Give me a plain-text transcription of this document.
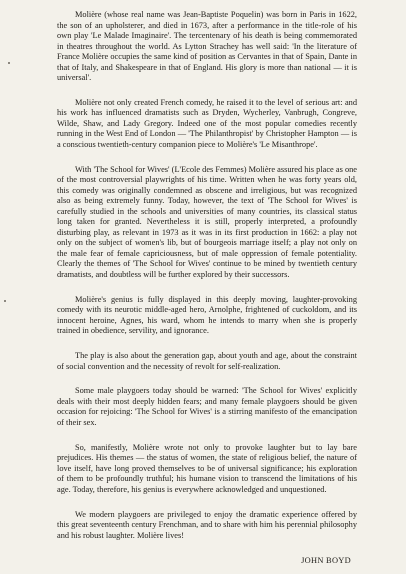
Molière (whose real name was Jean-Baptiste Poquelin) was born in Paris in 1622, the son of an upholsterer, and died in 1673, after a performance in the title-role of his own play 'Le Malade Imaginaire'. The tercentenary of his death is being commemorated in theatres throughout the world. As Lytton Strachey has well said: 'In the literature of France Molière occupies the same kind of position as Cervantes in that of Spain, Dante in that of Italy, and Shakespeare in that of England. His glory is more than national — it is universal'.

Molière not only created French comedy, he raised it to the level of serious art: and his work has influenced dramatists such as Dryden, Wycherley, Vanbrugh, Congreve, Wilde, Shaw, and Lady Gregory. Indeed one of the most popular comedies recently running in the West End of London — 'The Philanthropist' by Christopher Hampton — is a conscious twentieth-century companion piece to Molière's 'Le Misanthrope'.

With 'The School for Wives' (L'Ecole des Femmes) Molière assured his place as one of the most controversial playwrights of his time. Written when he was forty years old, this comedy was originally condemned as obscene and irreligious, but was recognized also as being extremely funny. Today, however, the text of 'The School for Wives' is carefully studied in the schools and universities of many countries, its classical status long taken for granted. Nevertheless it is still, properly interpreted, a profoundly disturbing play, as relevant in 1973 as it was in its first production in 1662: a play not only on the subject of women's lib, but of bourgeois marriage itself; a play not only on the male fear of female capriciousness, but of male oppression of female potentiality. Clearly the themes of 'The School for Wives' continue to be mined by twentieth century dramatists, and doubtless will be further explored by their successors.

Molière's genius is fully displayed in this deeply moving, laughter-provoking comedy with its neurotic middle-aged hero, Arnolphe, frightened of cuckoldom, and its innocent heroine, Agnes, his ward, whom he intends to marry when she is properly trained in obedience, servility, and ignorance.

The play is also about the generation gap, about youth and age, about the constraint of social convention and the necessity of revolt for self-realization.

Some male playgoers today should be warned: 'The School for Wives' explicitly deals with their most deeply hidden fears; and many female playgoers should be given occasion for rejoicing: 'The School for Wives' is a stirring manifesto of the emancipation of their sex.

So, manifestly, Molière wrote not only to provoke laughter but to lay bare prejudices. His themes — the status of women, the state of religious belief, the nature of love itself, have long proved themselves to be of universal significance; his exploration of them to be profoundly truthful; his humane vision to transcend the limitations of his age. Today, therefore, his genius is everywhere acknowledged and unquestioned.

We modern playgoers are privileged to enjoy the dramatic experience offered by this great seventeenth century Frenchman, and to share with him his perennial philosophy and his robust laughter. Molière lives!

JOHN BOYD
